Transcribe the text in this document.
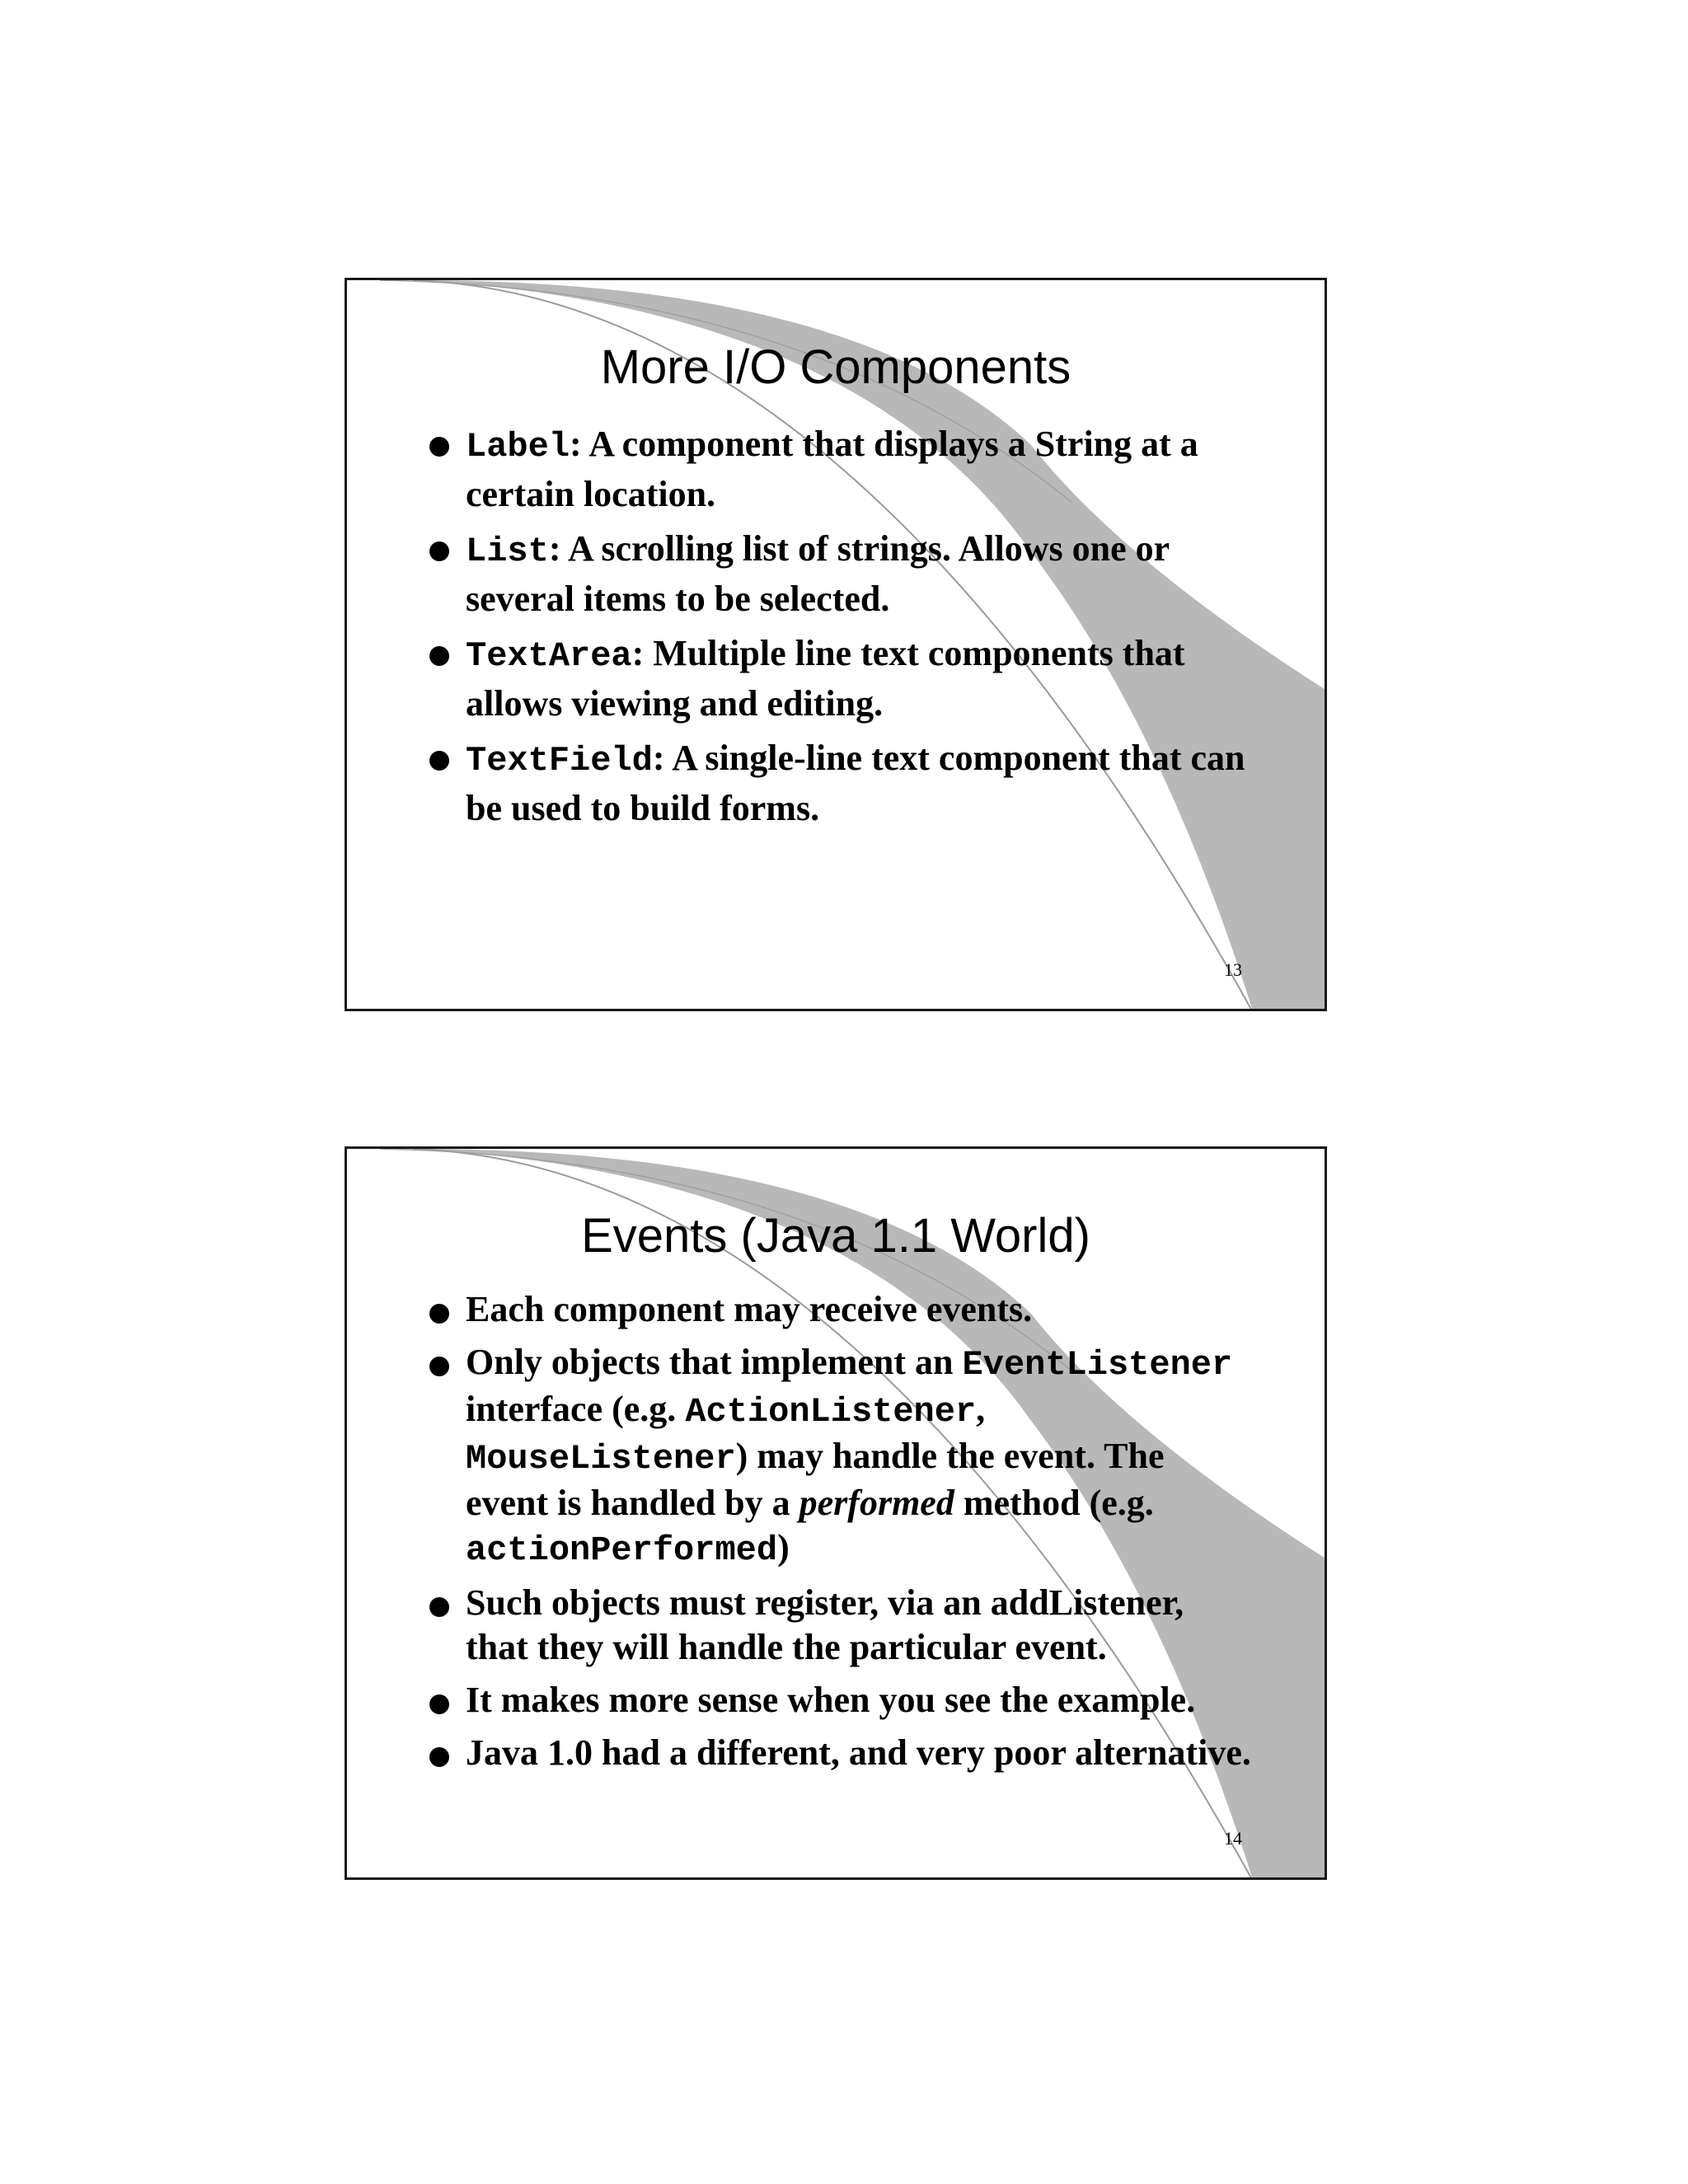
More I/O Components
Label: A component that displays a String at a certain location.
List: A scrolling list of strings. Allows one or several items to be selected.
TextArea: Multiple line text components that allows viewing and editing.
TextField: A single-line text component that can be used to build forms.
13
Events (Java 1.1 World)
Each component may receive events.
Only objects that implement an EventListener interface (e.g. ActionListener, MouseListener) may handle the event. The event is handled by a performed method (e.g. actionPerformed)
Such objects must register, via an addListener, that they will handle the particular event.
It makes more sense when you see the example.
Java 1.0 had a different, and very poor alternative.
14
